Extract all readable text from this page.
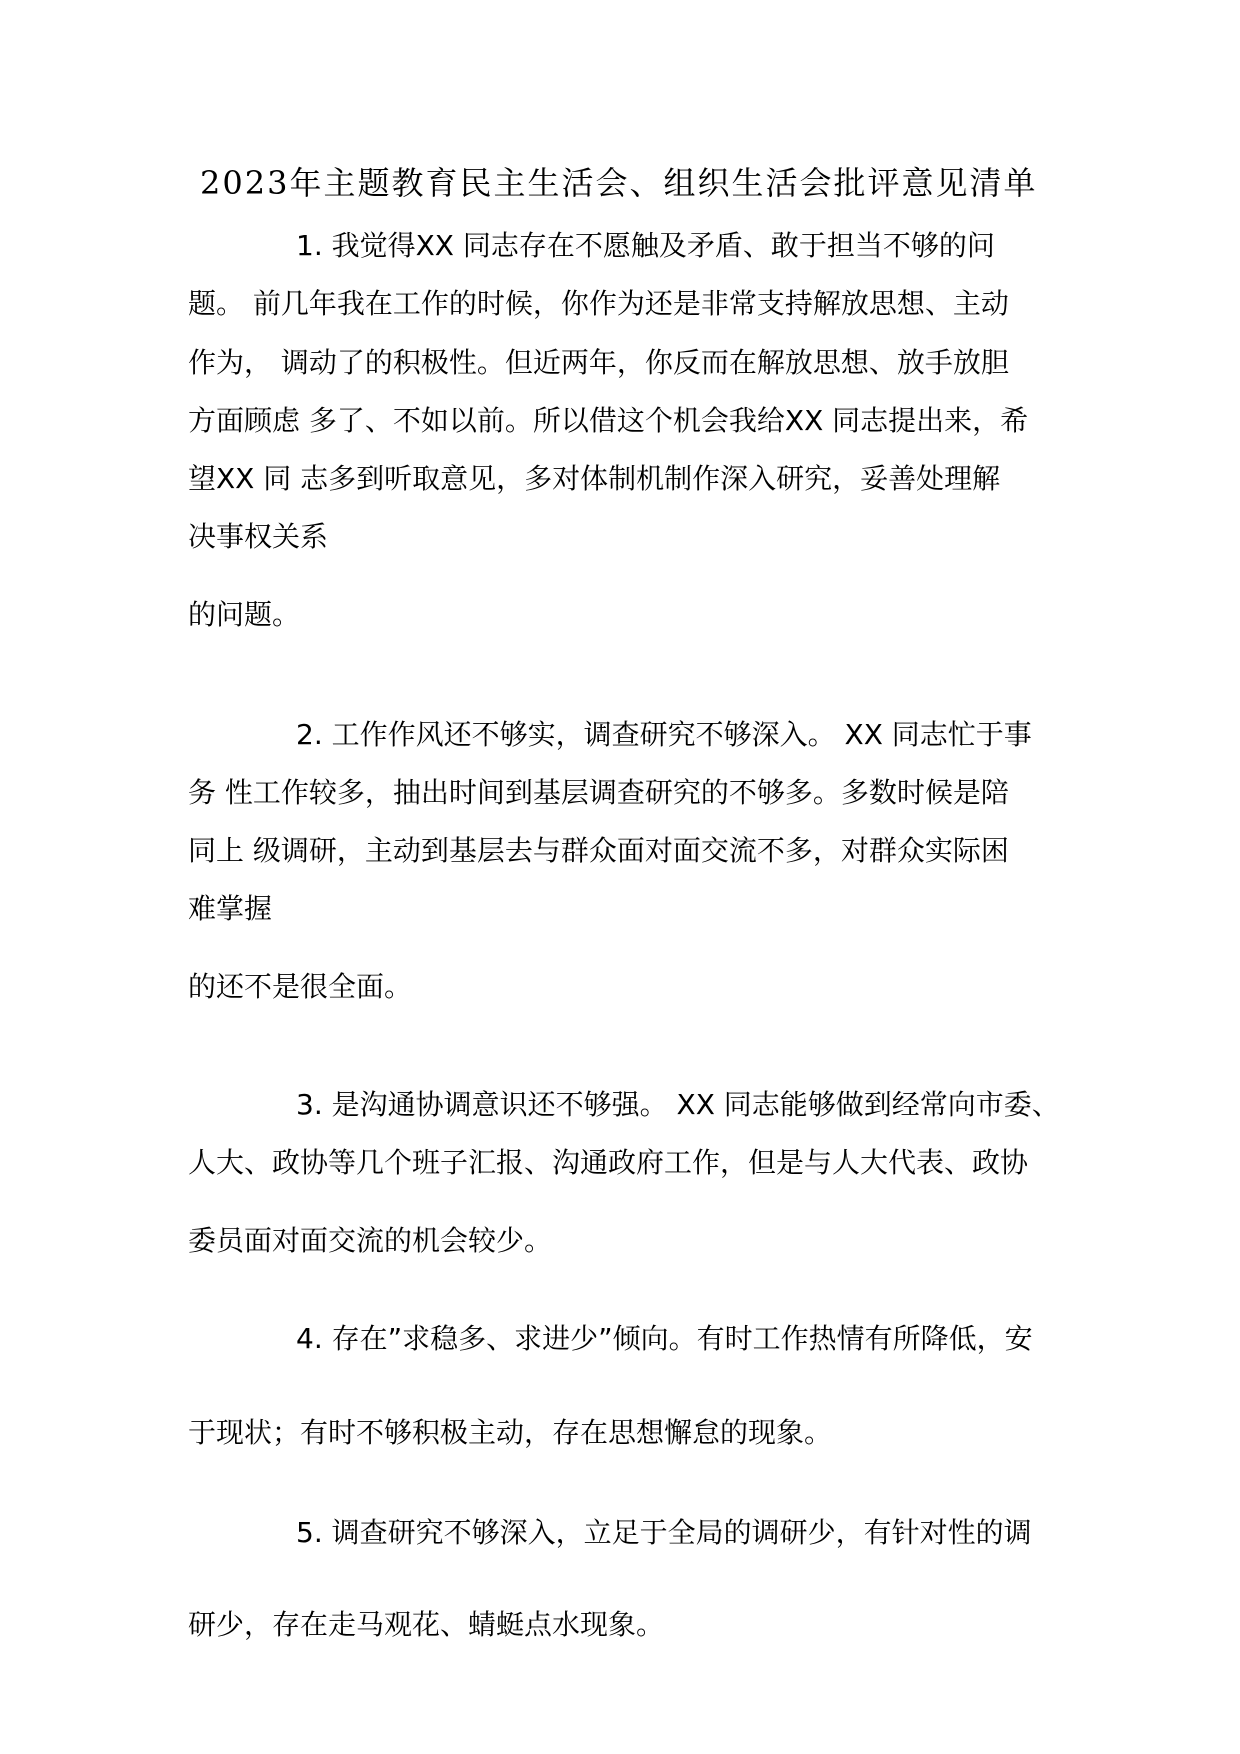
2023年主题教育民主生活会、组织生活会批评意见清单

1. 我觉得XX 同志存在不愿触及矛盾、敢于担当不够的问

题。 前几年我在工作的时候，你作为还是非常支持解放思想、主动

作为， 调动了的积极性。但近两年，你反而在解放思想、放手放胆

方面顾虑 多了、不如以前。所以借这个机会我给XX 同志提出来，希

望XX 同 志多到听取意见，多对体制机制作深入研究，妥善处理解

决事权关系

的问题。

2. 工作作风还不够实，调查研究不够深入。 XX 同志忙于事

务 性工作较多，抽出时间到基层调查研究的不够多。多数时候是陪

同上 级调研，主动到基层去与群众面对面交流不多，对群众实际困

难掌握

的还不是很全面。

3. 是沟通协调意识还不够强。 XX 同志能够做到经常向市委、

人大、政协等几个班子汇报、沟通政府工作，但是与人大代表、政协

委员面对面交流的机会较少。

4. 存在”求稳多、求进少”倾向。有时工作热情有所降低，安

于现状；有时不够积极主动，存在思想懈怠的现象。

5. 调查研究不够深入，立足于全局的调研少，有针对性的调

研少，存在走马观花、蜻蜓点水现象。
